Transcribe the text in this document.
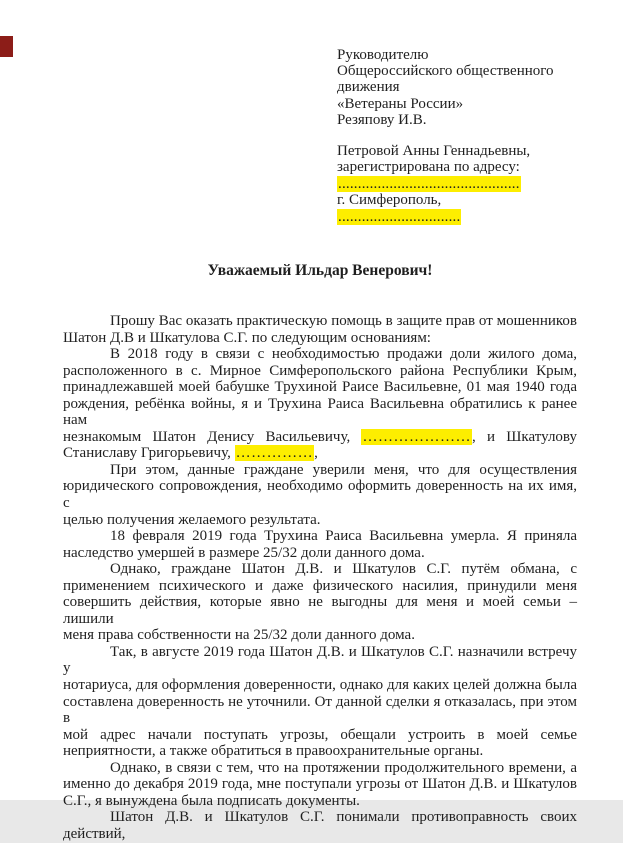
Руководителю
Общероссийского общественного
движения
«Ветераны России»
Резяпову И.В.
Петровой Анны Геннадьевны,
зарегистрирована по адресу:
..............................................
г. Симферополь,
...............................
Уважаемый Ильдар Венерович!
Прошу Вас оказать практическую помощь в защите прав от мошенников
Шатон Д.В и Шкатулова С.Г. по следующим основаниям:
В 2018 году в связи с необходимостью продажи доли жилого дома,
расположенного в с. Мирное Симферопольского района Республики Крым,
принадлежавшей моей бабушке Трухиной Раисе Васильевне, 01 мая 1940 года
рождения, ребёнка войны, я и Трухина Раиса Васильевна обратились к ранее нам
незнакомым Шатон Денису Васильевичу, …………………, и Шкатулову
Станиславу Григорьевичу, ……………,
При этом, данные граждане уверили меня, что для осуществления
юридического сопровождения, необходимо оформить доверенность на их имя, с
целью получения желаемого результата.
18 февраля 2019 года Трухина Раиса Васильевна умерла. Я приняла
наследство умершей в размере 25/32 доли данного дома.
Однако, граждане Шатон Д.В. и Шкатулов С.Г. путём обмана, с
применением психического и даже физического насилия, принудили меня
совершить действия, которые явно не выгодны для меня и моей семьи – лишили
меня права собственности на 25/32 доли данного дома.
Так, в августе 2019 года Шатон Д.В. и Шкатулов С.Г. назначили встречу у
нотариуса, для оформления доверенности, однако для каких целей должна была
составлена доверенность не уточнили. От данной сделки я отказалась, при этом в
мой адрес начали поступать угрозы, обещали устроить в моей семье
неприятности, а также обратиться в правоохранительные органы.
Однако, в связи с тем, что на протяжении продолжительного времени, а
именно до декабря 2019 года, мне поступали угрозы от Шатон Д.В. и Шкатулов
С.Г., я вынуждена была подписать документы.
Шатон Д.В. и Шкатулов С.Г. понимали противоправность своих действий,
